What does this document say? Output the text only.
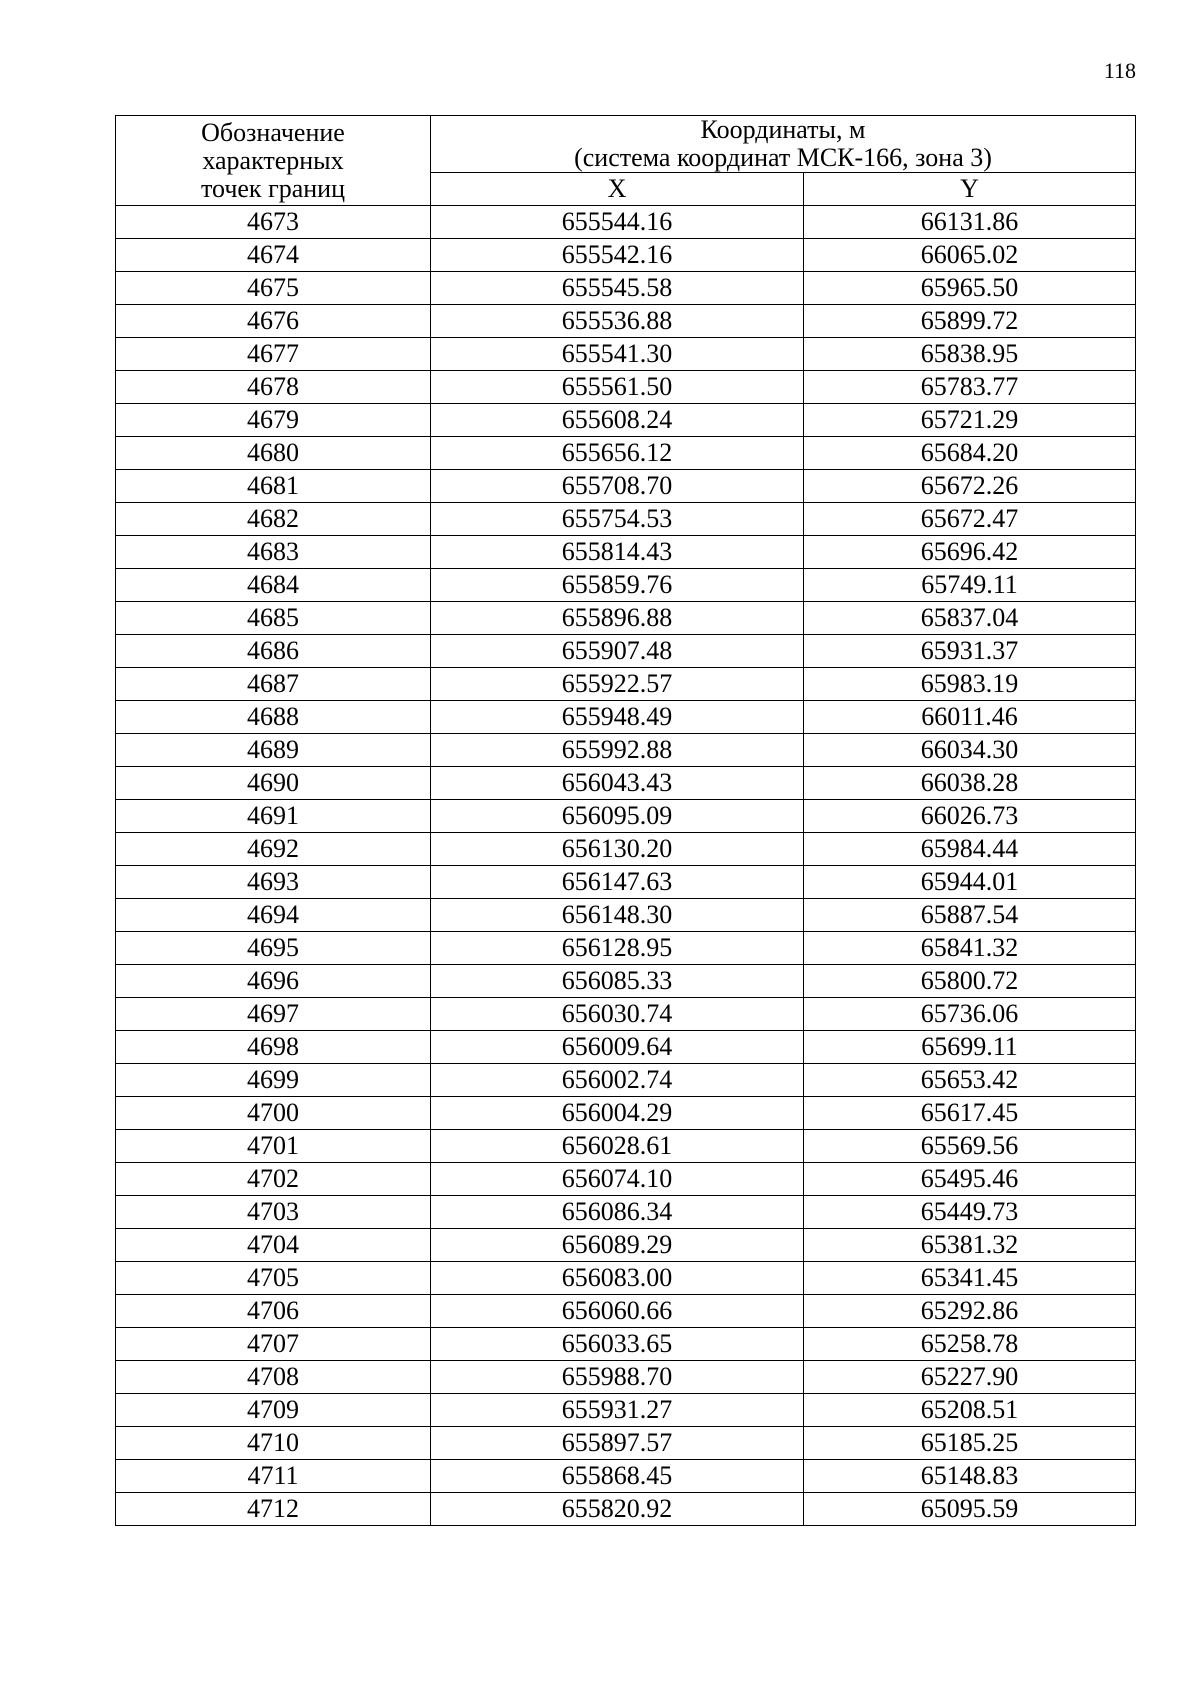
118
Обозначение
характерных
точек границ	Координаты, м
(система координат МСК-166, зона 3)	

	X	Y
4673	655544.16	66131.86
4674	655542.16	66065.02
4675	655545.58	65965.50
4676	655536.88	65899.72
4677	655541.30	65838.95
4678	655561.50	65783.77
4679	655608.24	65721.29
4680	655656.12	65684.20
4681	655708.70	65672.26
4682	655754.53	65672.47
4683	655814.43	65696.42
4684	655859.76	65749.11
4685	655896.88	65837.04
4686	655907.48	65931.37
4687	655922.57	65983.19
4688	655948.49	66011.46
4689	655992.88	66034.30
4690	656043.43	66038.28
4691	656095.09	66026.73
4692	656130.20	65984.44
4693	656147.63	65944.01
4694	656148.30	65887.54
4695	656128.95	65841.32
4696	656085.33	65800.72
4697	656030.74	65736.06
4698	656009.64	65699.11
4699	656002.74	65653.42
4700	656004.29	65617.45
4701	656028.61	65569.56
4702	656074.10	65495.46
4703	656086.34	65449.73
4704	656089.29	65381.32
4705	656083.00	65341.45
4706	656060.66	65292.86
4707	656033.65	65258.78
4708	655988.70	65227.90
4709	655931.27	65208.51
4710	655897.57	65185.25
4711	655868.45	65148.83
4712	655820.92	65095.59
